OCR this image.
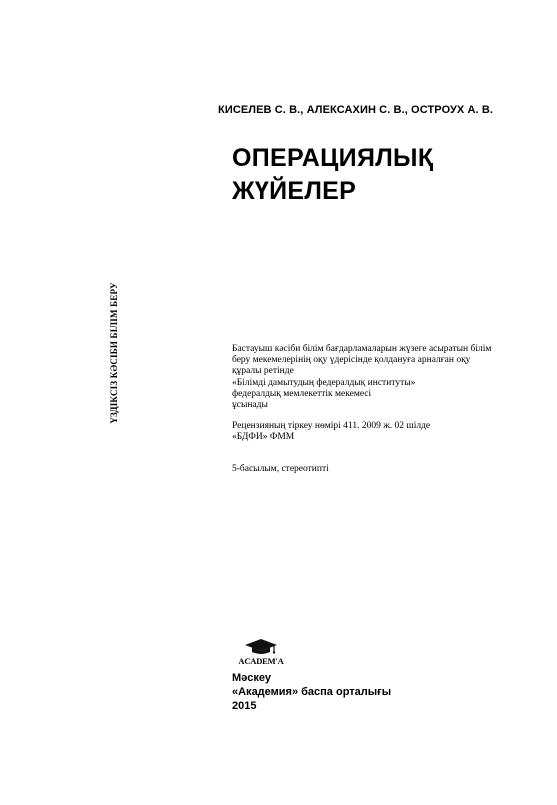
КИСЕЛЕВ С. В., АЛЕКСАХИН С. В., ОСТРОУХ А. В.
ОПЕРАЦИЯЛЫҚ
ЖҮЙЕЛЕР
ҮЗДІКСІЗ КӘСІБИ БІЛІМ БЕРУ	Бастауыш кәсіби білім бағдарламаларын жүзеге асыратын білім
беру мекемелерінің оқу үдерісінде қолдануға арналған оқу
құралы ретінде
«Білімді дамытудың федералдық институты»
федералдық мемлекеттік мекемесі
ұсынады
Рецензияның тіркеу нөмірі 411. 2009 ж. 02 шілде
«БДФИ» ФММ
5-басылым, стереотипті
ACADEM'A
Мәскеу
«Академия» баспа орталығы
2015
